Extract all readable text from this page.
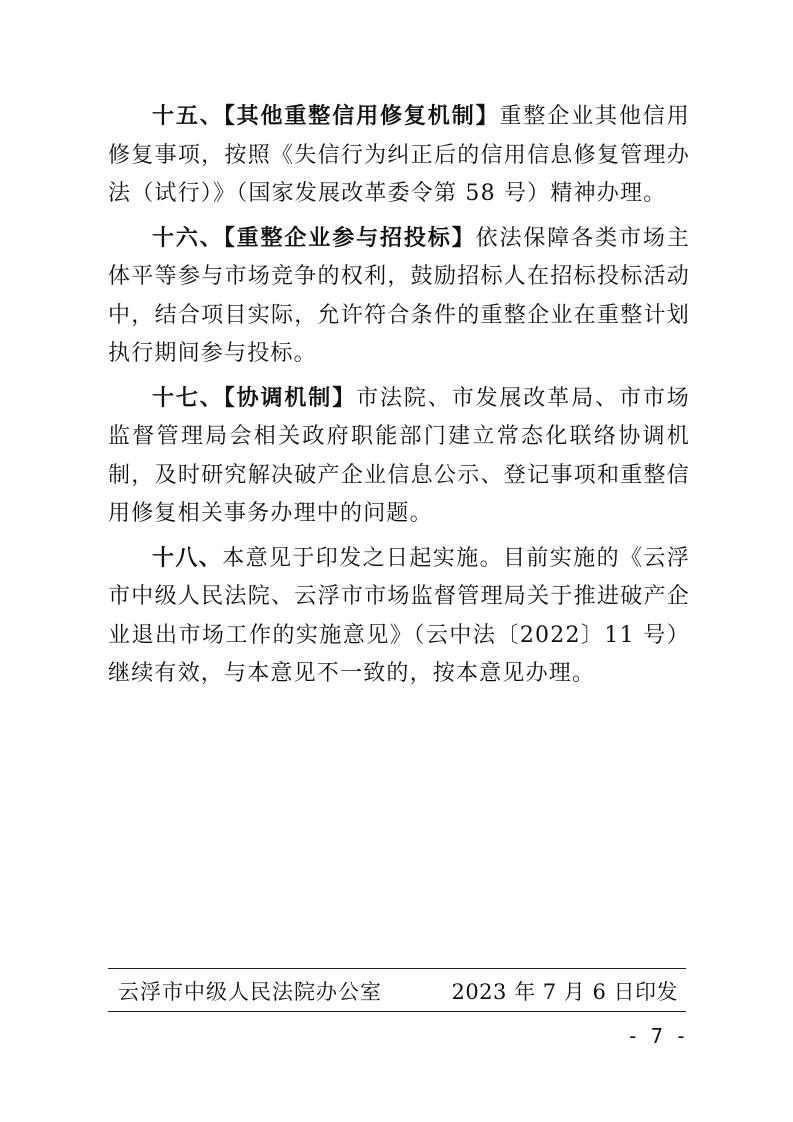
十五、【其他重整信用修复机制】重整企业其他信用修复事项，按照《失信行为纠正后的信用信息修复管理办法（试行）》（国家发展改革委令第 58 号）精神办理。

十六、【重整企业参与招投标】依法保障各类市场主体平等参与市场竞争的权利，鼓励招标人在招标投标活动中，结合项目实际，允许符合条件的重整企业在重整计划执行期间参与投标。

十七、【协调机制】市法院、市发展改革局、市市场监督管理局会相关政府职能部门建立常态化联络协调机制，及时研究解决破产企业信息公示、登记事项和重整信用修复相关事务办理中的问题。

十八、本意见于印发之日起实施。目前实施的《云浮市中级人民法院、云浮市市场监督管理局关于推进破产企业退出市场工作的实施意见》（云中法〔2022〕11 号）继续有效，与本意见不一致的，按本意见办理。

云浮市中级人民法院办公室	2023 年 7 月 6 日印发
- 7 -
